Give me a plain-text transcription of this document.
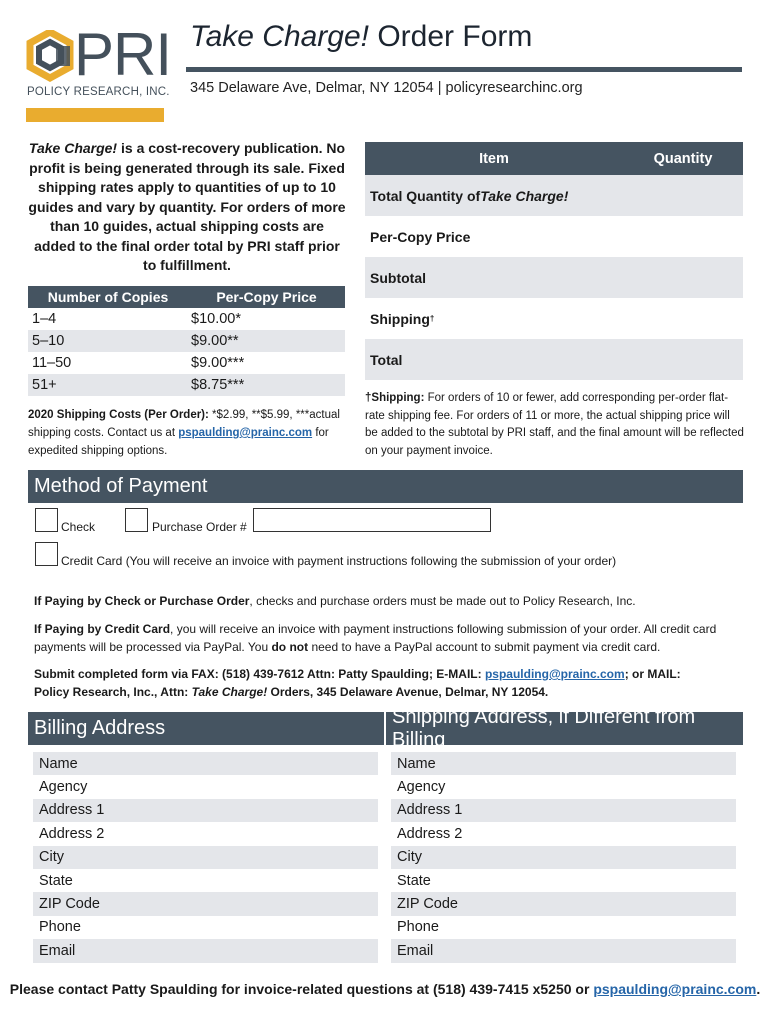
PRI
POLICY RESEARCH, INC.
Take Charge! Order Form
345 Delaware Ave, Delmar, NY 12054 | policyresearchinc.org
Take Charge! is a cost-recovery publication. No profit is being generated through its sale. Fixed shipping rates apply to quantities of up to 10 guides and vary by quantity. For orders of more than 10 guides, actual shipping costs are added to the final order total by PRI staff prior to fulfillment.
Number of Copies	Per-Copy Price
1–4	$10.00*
5–10	$9.00**
11–50	$9.00***
51+	$8.75***
2020 Shipping Costs (Per Order): *$2.99, **$5.99, ***actual shipping costs. Contact us at pspaulding@prainc.com for expedited shipping options.
Item	Quantity
Total Quantity of Take Charge!
Per-Copy Price
Subtotal
Shipping †
Total
†Shipping: For orders of 10 or fewer, add corresponding per-order flat-rate shipping fee. For orders of 11 or more, the actual shipping price will be added to the subtotal by PRI staff, and the final amount will be reflected on your payment invoice.
Method of Payment
Check	Purchase Order #
Credit Card (You will receive an invoice with payment instructions following the submission of your order)
If Paying by Check or Purchase Order, checks and purchase orders must be made out to Policy Research, Inc.
If Paying by Credit Card, you will receive an invoice with payment instructions following submission of your order. All credit card payments will be processed via PayPal. You do not need to have a PayPal account to submit payment via credit card.
Submit completed form via FAX: (518) 439-7612 Attn: Patty Spaulding; E-MAIL: pspaulding@prainc.com; or MAIL:
Policy Research, Inc., Attn: Take Charge! Orders, 345 Delaware Avenue, Delmar, NY 12054.
Billing Address
Shipping Address, if Different from Billing
Name
Agency
Address 1
Address 2
City
State
ZIP Code
Phone
Email
Name
Agency
Address 1
Address 2
City
State
ZIP Code
Phone
Email
Please contact Patty Spaulding for invoice-related questions at (518) 439-7415 x5250 or pspaulding@prainc.com.
